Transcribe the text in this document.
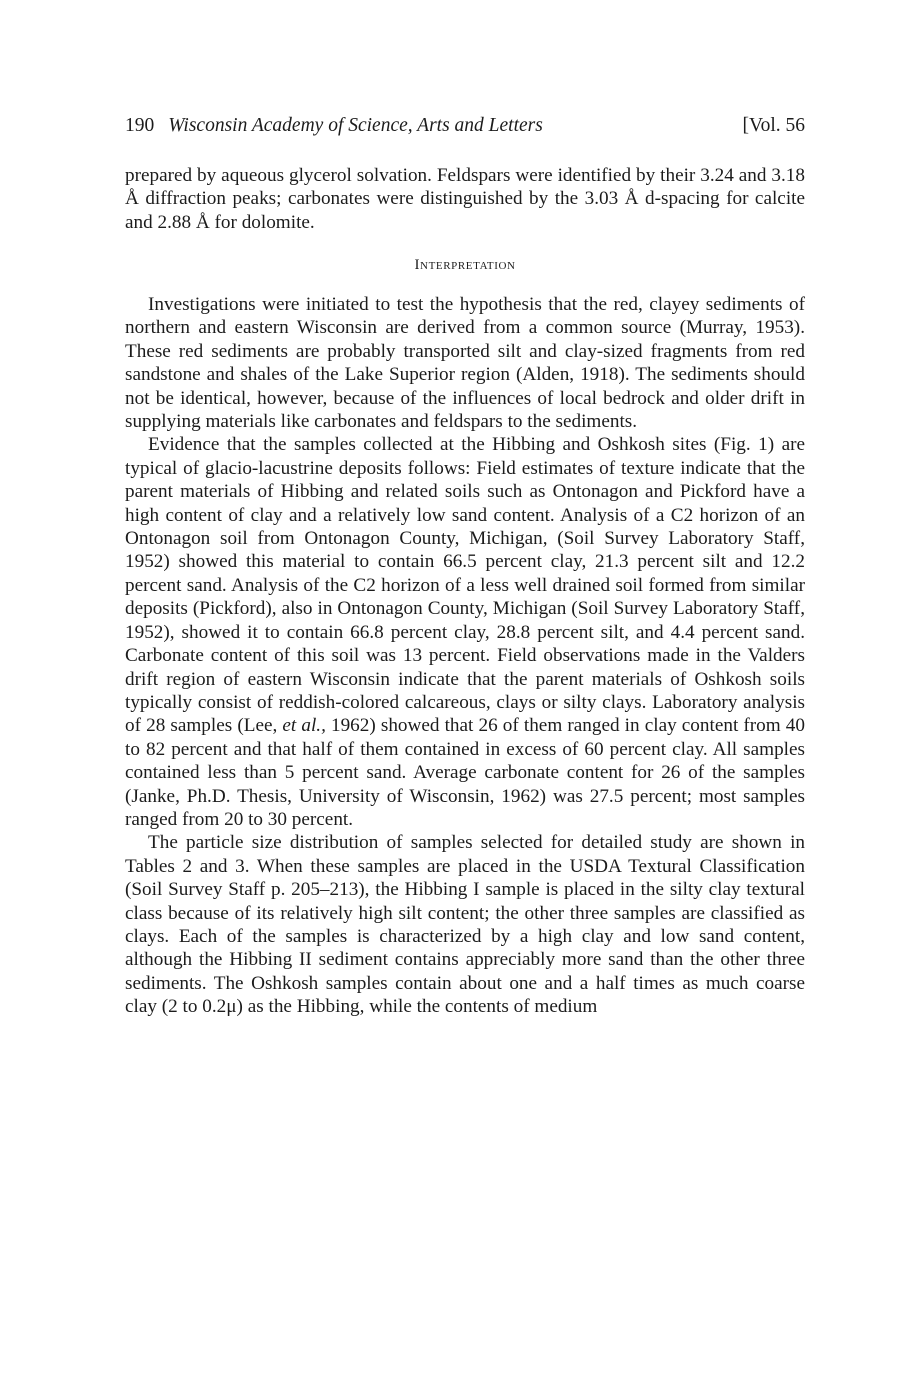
190 Wisconsin Academy of Science, Arts and Letters	[Vol. 56

prepared by aqueous glycerol solvation. Feldspars were identified by their 3.24 and 3.18 Å diffraction peaks; carbonates were distinguished by the 3.03 Å d-spacing for calcite and 2.88 Å for dolomite.

Interpretation

Investigations were initiated to test the hypothesis that the red, clayey sediments of northern and eastern Wisconsin are derived from a common source (Murray, 1953). These red sediments are probably transported silt and clay-sized fragments from red sandstone and shales of the Lake Superior region (Alden, 1918). The sediments should not be identical, however, because of the influences of local bedrock and older drift in supplying materials like carbonates and feldspars to the sediments.

Evidence that the samples collected at the Hibbing and Oshkosh sites (Fig. 1) are typical of glacio-lacustrine deposits follows: Field estimates of texture indicate that the parent materials of Hibbing and related soils such as Ontonagon and Pickford have a high content of clay and a relatively low sand content. Analysis of a C2 horizon of an Ontonagon soil from Ontonagon County, Michigan, (Soil Survey Laboratory Staff, 1952) showed this material to contain 66.5 percent clay, 21.3 percent silt and 12.2 percent sand. Analysis of the C2 horizon of a less well drained soil formed from similar deposits (Pickford), also in Ontonagon County, Michigan (Soil Survey Laboratory Staff, 1952), showed it to contain 66.8 percent clay, 28.8 percent silt, and 4.4 percent sand. Carbonate content of this soil was 13 percent. Field observations made in the Valders drift region of eastern Wisconsin indicate that the parent materials of Oshkosh soils typically consist of reddish-colored calcareous, clays or silty clays. Laboratory analysis of 28 samples (Lee, et al., 1962) showed that 26 of them ranged in clay content from 40 to 82 percent and that half of them contained in excess of 60 percent clay. All samples contained less than 5 percent sand. Average carbonate content for 26 of the samples (Janke, Ph.D. Thesis, University of Wisconsin, 1962) was 27.5 percent; most samples ranged from 20 to 30 percent.

The particle size distribution of samples selected for detailed study are shown in Tables 2 and 3. When these samples are placed in the USDA Textural Classification (Soil Survey Staff p. 205–213), the Hibbing I sample is placed in the silty clay textural class because of its relatively high silt content; the other three samples are classified as clays. Each of the samples is characterized by a high clay and low sand content, although the Hibbing II sediment contains appreciably more sand than the other three sediments. The Oshkosh samples contain about one and a half times as much coarse clay (2 to 0.2μ) as the Hibbing, while the contents of medium
